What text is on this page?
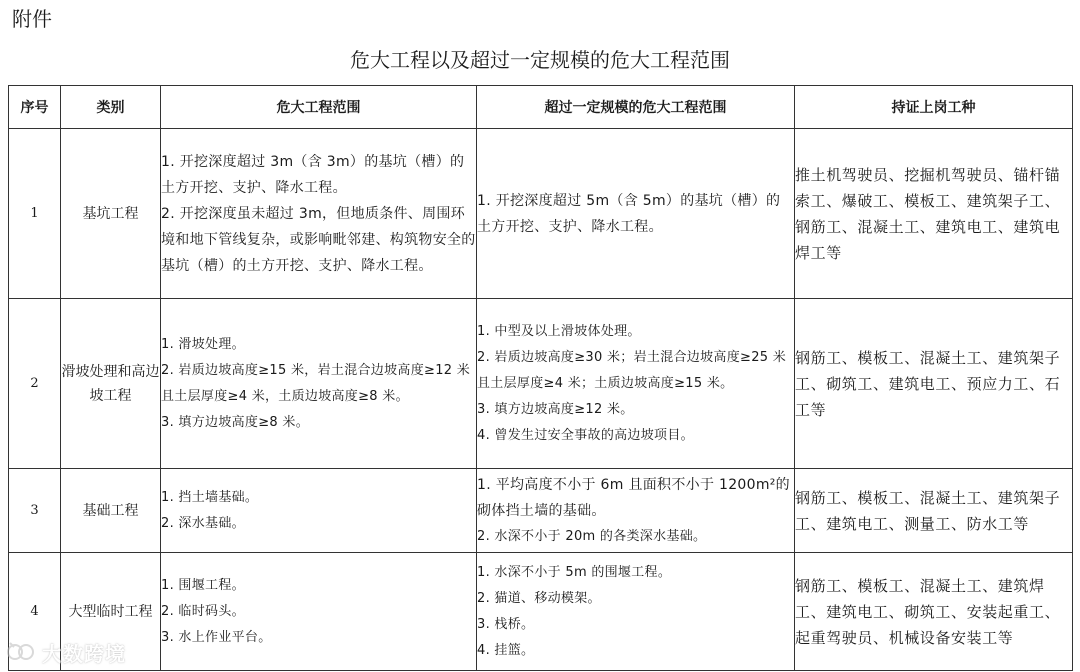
附件
危大工程以及超过一定规模的危大工程范围
序号	类别	危大工程范围	超过一定规模的危大工程范围	持证上岗工种
1	基坑工程	1. 开挖深度超过 3m（含 3m）的基坑（槽）的土方开挖、支护、降水工程。
2. 开挖深度虽未超过 3m，但地质条件、周围环境和地下管线复杂，或影响毗邻建、构筑物安全的基坑（槽）的土方开挖、支护、降水工程。	1. 开挖深度超过 5m（含 5m）的基坑（槽）的土方开挖、支护、降水工程。	推土机驾驶员、挖掘机驾驶员、锚杆锚索工、爆破工、模板工、建筑架子工、钢筋工、混凝土工、建筑电工、建筑电焊工等
2	滑坡处理和高边坡工程	1. 滑坡处理。
2. 岩质边坡高度≥15 米，岩土混合边坡高度≥12 米且土层厚度≥4 米，土质边坡高度≥8 米。
3. 填方边坡高度≥8 米。	1. 中型及以上滑坡体处理。
2. 岩质边坡高度≥30 米；岩土混合边坡高度≥25 米且土层厚度≥4 米；土质边坡高度≥15 米。
3. 填方边坡高度≥12 米。
4. 曾发生过安全事故的高边坡项目。	钢筋工、模板工、混凝土工、建筑架子工、砌筑工、建筑电工、预应力工、石工等
3	基础工程	1. 挡土墙基础。
2. 深水基础。	1. 平均高度不小于 6m 且面积不小于 1200m²的砌体挡土墙的基础。
2. 水深不小于 20m 的各类深水基础。	钢筋工、模板工、混凝土工、建筑架子工、建筑电工、测量工、防水工等
4	大型临时工程	1. 围堰工程。
2. 临时码头。
3. 水上作业平台。	1. 水深不小于 5m 的围堰工程。
2. 猫道、移动模架。
3. 栈桥。
4. 挂篮。	钢筋工、模板工、混凝土工、建筑焊工、建筑电工、砌筑工、安装起重工、起重驾驶员、机械设备安装工等
大数跨境
